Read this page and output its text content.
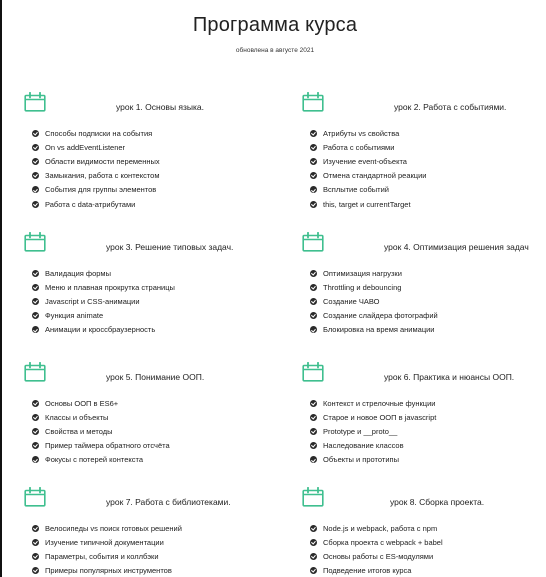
Программа курса
обновлена в августе 2021
урок 1. Основы языка.
Способы подписки на события
On vs addEventListener
Области видимости переменных
Замыкания, работа с контекстом
События для группы элементов
Работа с data-атрибутами
урок 2. Работа с событиями.
Атрибуты vs свойства
Работа с событиями
Изучение event-объекта
Отмена стандартной реакции
Всплытие событий
this, target и currentTarget
урок 3. Решение типовых задач.
Валидация формы
Меню и плавная прокрутка страницы
Javascript и CSS-анимации
Функция animate
Анимации и кроссбраузерность
урок 4. Оптимизация решения задач
Оптимизация нагрузки
Throttling и debouncing
Создание ЧАВО
Создание слайдера фотографий
Блокировка на время анимации
урок 5. Понимание ООП.
Основы ООП в ES6+
Классы и объекты
Свойства и методы
Пример таймера обратного отсчёта
Фокусы с потерей контекста
урок 6. Практика и нюансы ООП.
Контекст и стрелочные функции
Старое и новое ООП в javascript
Prototype и __proto__
Наследование классов
Объекты и прототипы
урок 7. Работа с библиотеками.
Велосипеды vs поиск готовых решений
Изучение типичной документации
Параметры, события и коллбэки
Примеры популярных инструментов
урок 8. Сборка проекта.
Node.js и webpack, работа с npm
Сборка проекта с webpack + babel
Основы работы с ES-модулями
Подведение итогов курса
